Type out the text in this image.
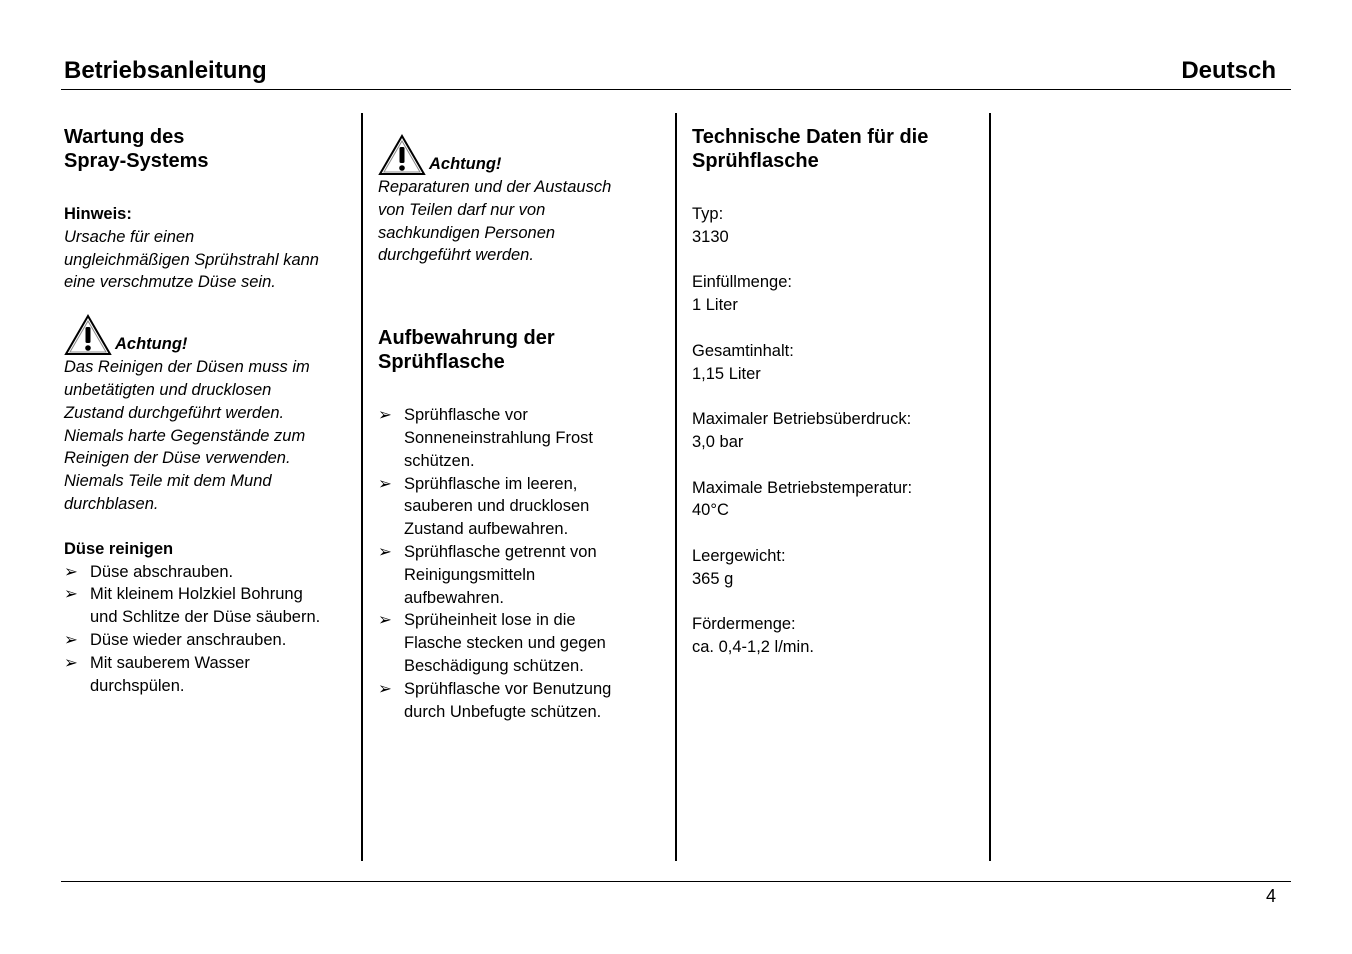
Betriebsanleitung	Deutsch
Wartung des
Spray-Systems

Hinweis:

Ursache für einen
ungleichmäßigen Sprühstrahl kann
eine verschmutze Düse sein.

Achtung!

Das Reinigen der Düsen muss im
unbetätigten und drucklosen
Zustand durchgeführt werden.
Niemals harte Gegenstände zum
Reinigen der Düse verwenden.
Niemals Teile mit dem Mund
durchblasen.

Düse reinigen

➢ Düse abschrauben.
➢ Mit kleinem Holzkiel Bohrung
und Schlitze der Düse säubern.
➢ Düse wieder anschrauben.
➢ Mit sauberem Wasser
durchspülen.
Achtung!

Reparaturen und der Austausch
von Teilen darf nur von
sachkundigen Personen
durchgeführt werden.

Aufbewahrung der
Sprühflasche
➢ Sprühflasche vor
Sonneneinstrahlung Frost
schützen.
➢ Sprühflasche im leeren,
sauberen und drucklosen
Zustand aufbewahren.
➢ Sprühflasche getrennt von
Reinigungsmitteln
aufbewahren.
➢ Sprüheinheit lose in die
Flasche stecken und gegen
Beschädigung schützen.
➢ Sprühflasche vor Benutzung
durch Unbefugte schützen.
Technische Daten für die
Sprühflasche

Typ:

3130

Einfüllmenge:

1 Liter

Gesamtinhalt:

1,15 Liter

Maximaler Betriebsüberdruck:

3,0 bar

Maximale Betriebstemperatur:

40°C

Leergewicht:

365 g

Fördermenge:

ca. 0,4-1,2 l/min.

4
